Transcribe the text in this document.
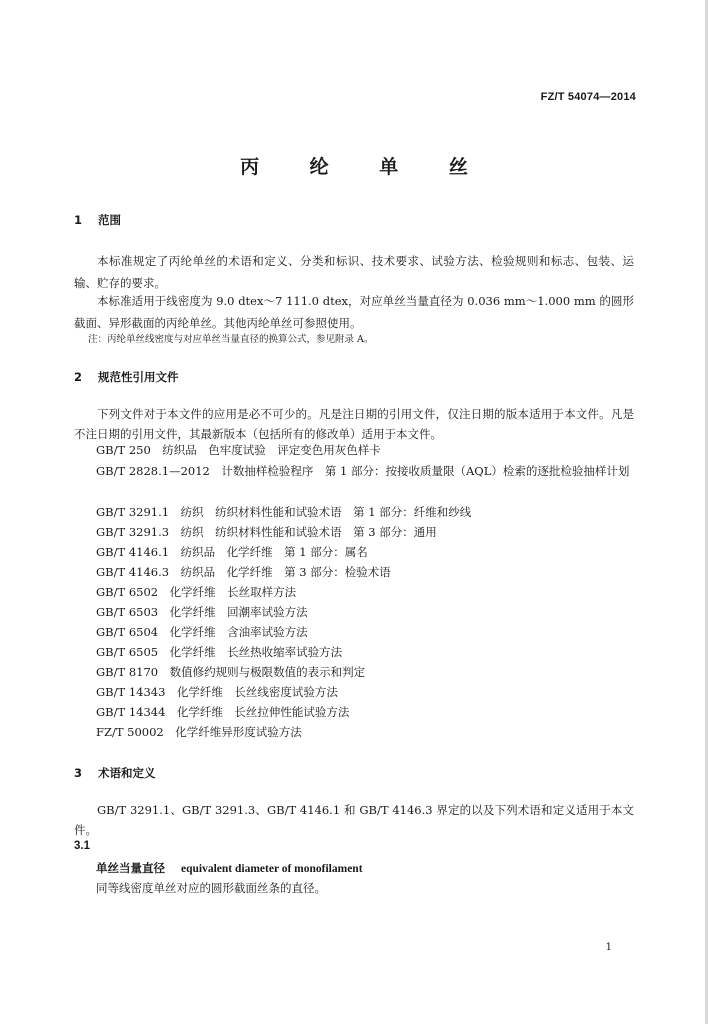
FZ/T 54074—2014
丙 纶 单 丝
1 范围
本标准规定了丙纶单丝的术语和定义、分类和标识、技术要求、试验方法、检验规则和标志、包装、运输、贮存的要求。
本标准适用于线密度为 9.0 dtex～7 111.0 dtex，对应单丝当量直径为 0.036 mm～1.000 mm 的圆形截面、异形截面的丙纶单丝。其他丙纶单丝可参照使用。
注：丙纶单丝线密度与对应单丝当量直径的换算公式，参见附录 A。
2 规范性引用文件
下列文件对于本文件的应用是必不可少的。凡是注日期的引用文件，仅注日期的版本适用于本文件。凡是不注日期的引用文件，其最新版本（包括所有的修改单）适用于本文件。
GB/T 250　纺织品　色牢度试验　评定变色用灰色样卡
GB/T 2828.1—2012　计数抽样检验程序　第 1 部分：按接收质量限（AQL）检索的逐批检验抽样计划
GB/T 3291.1　纺织　纺织材料性能和试验术语　第 1 部分：纤维和纱线
GB/T 3291.3　纺织　纺织材料性能和试验术语　第 3 部分：通用
GB/T 4146.1　纺织品　化学纤维　第 1 部分：属名
GB/T 4146.3　纺织品　化学纤维　第 3 部分：检验术语
GB/T 6502　化学纤维　长丝取样方法
GB/T 6503　化学纤维　回潮率试验方法
GB/T 6504　化学纤维　含油率试验方法
GB/T 6505　化学纤维　长丝热收缩率试验方法
GB/T 8170　数值修约规则与极限数值的表示和判定
GB/T 14343　化学纤维　长丝线密度试验方法
GB/T 14344　化学纤维　长丝拉伸性能试验方法
FZ/T 50002　化学纤维异形度试验方法
3 术语和定义
GB/T 3291.1、GB/T 3291.3、GB/T 4146.1 和 GB/T 4146.3 界定的以及下列术语和定义适用于本文件。
3.1
单丝当量直径 equivalent diameter of monofilament
同等线密度单丝对应的圆形截面丝条的直径。
1
